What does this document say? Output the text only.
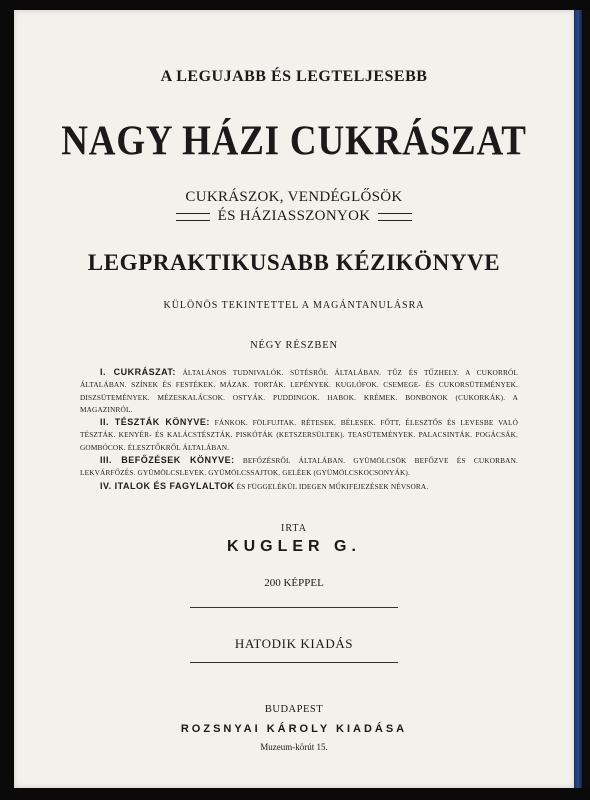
A LEGUJABB ÉS LEGTELJESEBB
NAGY HÁZI CUKRÁSZAT
CUKRÁSZOK, VENDÉGLŐSÖK
ÉS HÁZIASSZONYOK
LEGPRAKTIKUSABB KÉZIKÖNYVE
KÜLÖNÖS TEKINTETTEL A MAGÁNTANULÁSRA
NÉGY RÉSZBEN

I. CUKRÁSZAT: ÁLTALÁNOS TUDNIVALÓK. SÜTÉSRŐL ÁLTALÁBAN. TŰZ ÉS TŰZHELY. A CUKORRÓL ÁLTALÁBAN. SZÍNEK ÉS FESTÉKEK. MÁZAK. TORTÁK. LEPÉNYEK. KUGLÓFOK. CSEMEGE- ÉS CUKORSÜTEMÉNYEK. DISZSÜTEMÉNYEK. MÉZESKALÁCSOK. OSTYÁK. PUDDINGOK. HABOK. KRÉMEK. BONBONOK (CUKORKÁK). A MAGAZINRÓL.

II. TÉSZTÁK KÖNYVE: FÁNKOK. FÖLFUJTAK. RÉTESEK. BÉLESEK. FŐTT, ÉLESZTŐS ÉS LEVESBE VALÓ TÉSZTÁK. KENYÉR- ÉS KALÁCSTÉSZTÁK. PISKÓTÁK (KETSZERSÜLTEK). TEASÜTEMÉNYEK. PALACSINTÁK. POGÁCSÁK. GOMBÓCOK. ÉLESZTŐKRŐL ÁLTALÁBAN.

III. BEFŐZÉSEK KÖNYVE: BEFŐZÉSRŐL ÁLTALÁBAN. GYÜMÖLCSÖK BEFŐZVE ÉS CUKORBAN. LEKVÁRFŐZÉS. GYÜMÖLCSLEVEK. GYÜMÖLCSSAJTOK. GELÉEK (GYÜMÖLCSKOCSONYÁK).

IV. ITALOK ÉS FAGYLALTOK ÉS FÜGGELÉKÜL IDEGEN MŰKIFEJEZÉSEK NÉVSORA.

IRTA
KUGLER G.
200 KÉPPEL
HATODIK KIADÁS
BUDAPEST
ROZSNYAI KÁROLY KIADÁSA
Muzeum-körút 15.
